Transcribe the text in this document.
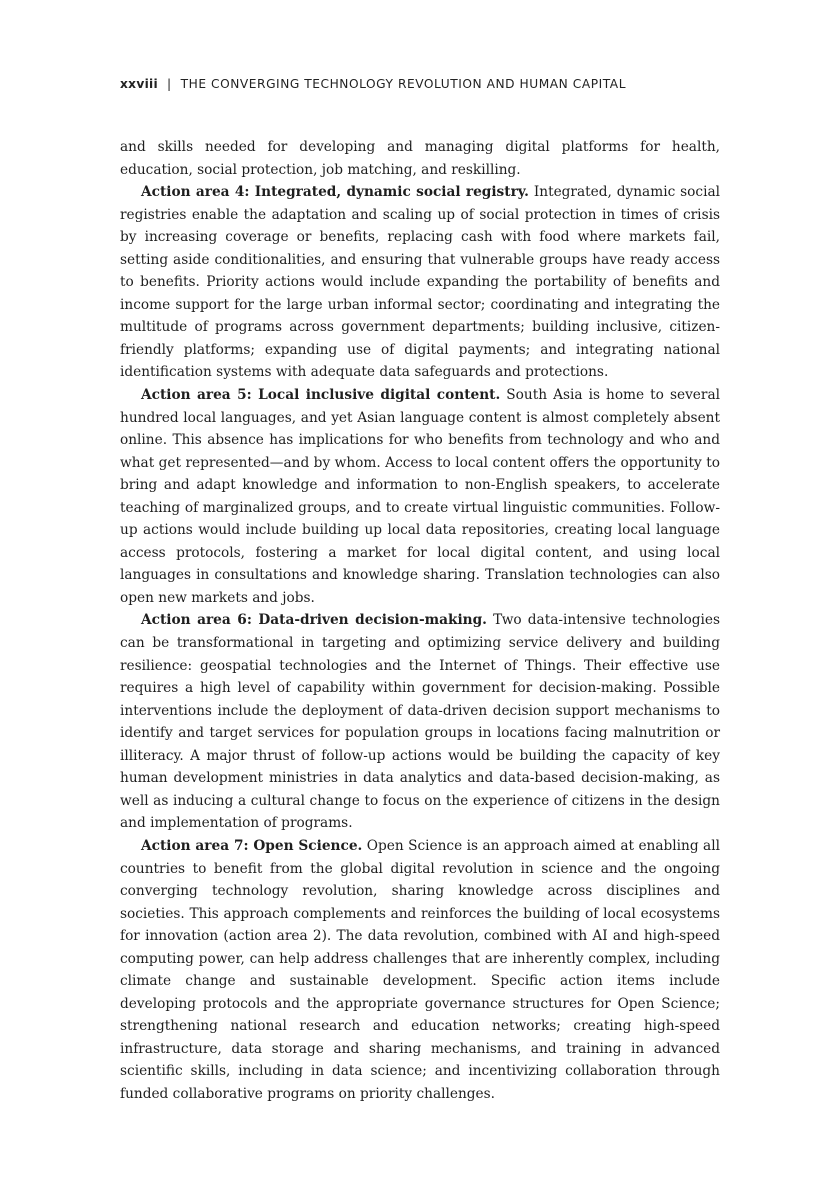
xxviii | THE CONVERGING TECHNOLOGY REVOLUTION AND HUMAN CAPITAL

and skills needed for developing and managing digital platforms for health, education, social protection, job matching, and reskilling.

Action area 4: Integrated, dynamic social registry. Integrated, dynamic social registries enable the adaptation and scaling up of social protection in times of crisis by increasing coverage or benefits, replacing cash with food where markets fail, setting aside conditionalities, and ensuring that vulnerable groups have ready access to benefits. Priority actions would include expanding the portability of benefits and income support for the large urban informal sector; coordinating and integrating the multitude of programs across government departments; building inclusive, citizen-friendly platforms; expanding use of digital payments; and integrating national identification systems with adequate data safeguards and protections.

Action area 5: Local inclusive digital content. South Asia is home to several hundred local languages, and yet Asian language content is almost completely absent online. This absence has implications for who benefits from technology and who and what get represented—and by whom. Access to local content offers the opportunity to bring and adapt knowledge and information to non-English speakers, to accelerate teaching of marginalized groups, and to create virtual linguistic communities. Follow-up actions would include building up local data repositories, creating local language access protocols, fostering a market for local digital content, and using local languages in consultations and knowledge sharing. Translation technologies can also open new markets and jobs.

Action area 6: Data-driven decision-making. Two data-intensive technologies can be transformational in targeting and optimizing service delivery and building resilience: geospatial technologies and the Internet of Things. Their effective use requires a high level of capability within government for decision-making. Possible interventions include the deployment of data-driven decision support mechanisms to identify and target services for population groups in locations facing malnutrition or illiteracy. A major thrust of follow-up actions would be building the capacity of key human development ministries in data analytics and data-based decision-making, as well as inducing a cultural change to focus on the experience of citizens in the design and implementation of programs.

Action area 7: Open Science. Open Science is an approach aimed at enabling all countries to benefit from the global digital revolution in science and the ongoing converging technology revolution, sharing knowledge across disciplines and societies. This approach complements and reinforces the building of local ecosystems for innovation (action area 2). The data revolution, combined with AI and high-speed computing power, can help address challenges that are inherently complex, including climate change and sustainable development. Specific action items include developing protocols and the appropriate governance structures for Open Science; strengthening national research and education networks; creating high-speed infrastructure, data storage and sharing mechanisms, and training in advanced scientific skills, including in data science; and incentivizing collaboration through funded collaborative programs on priority challenges.
